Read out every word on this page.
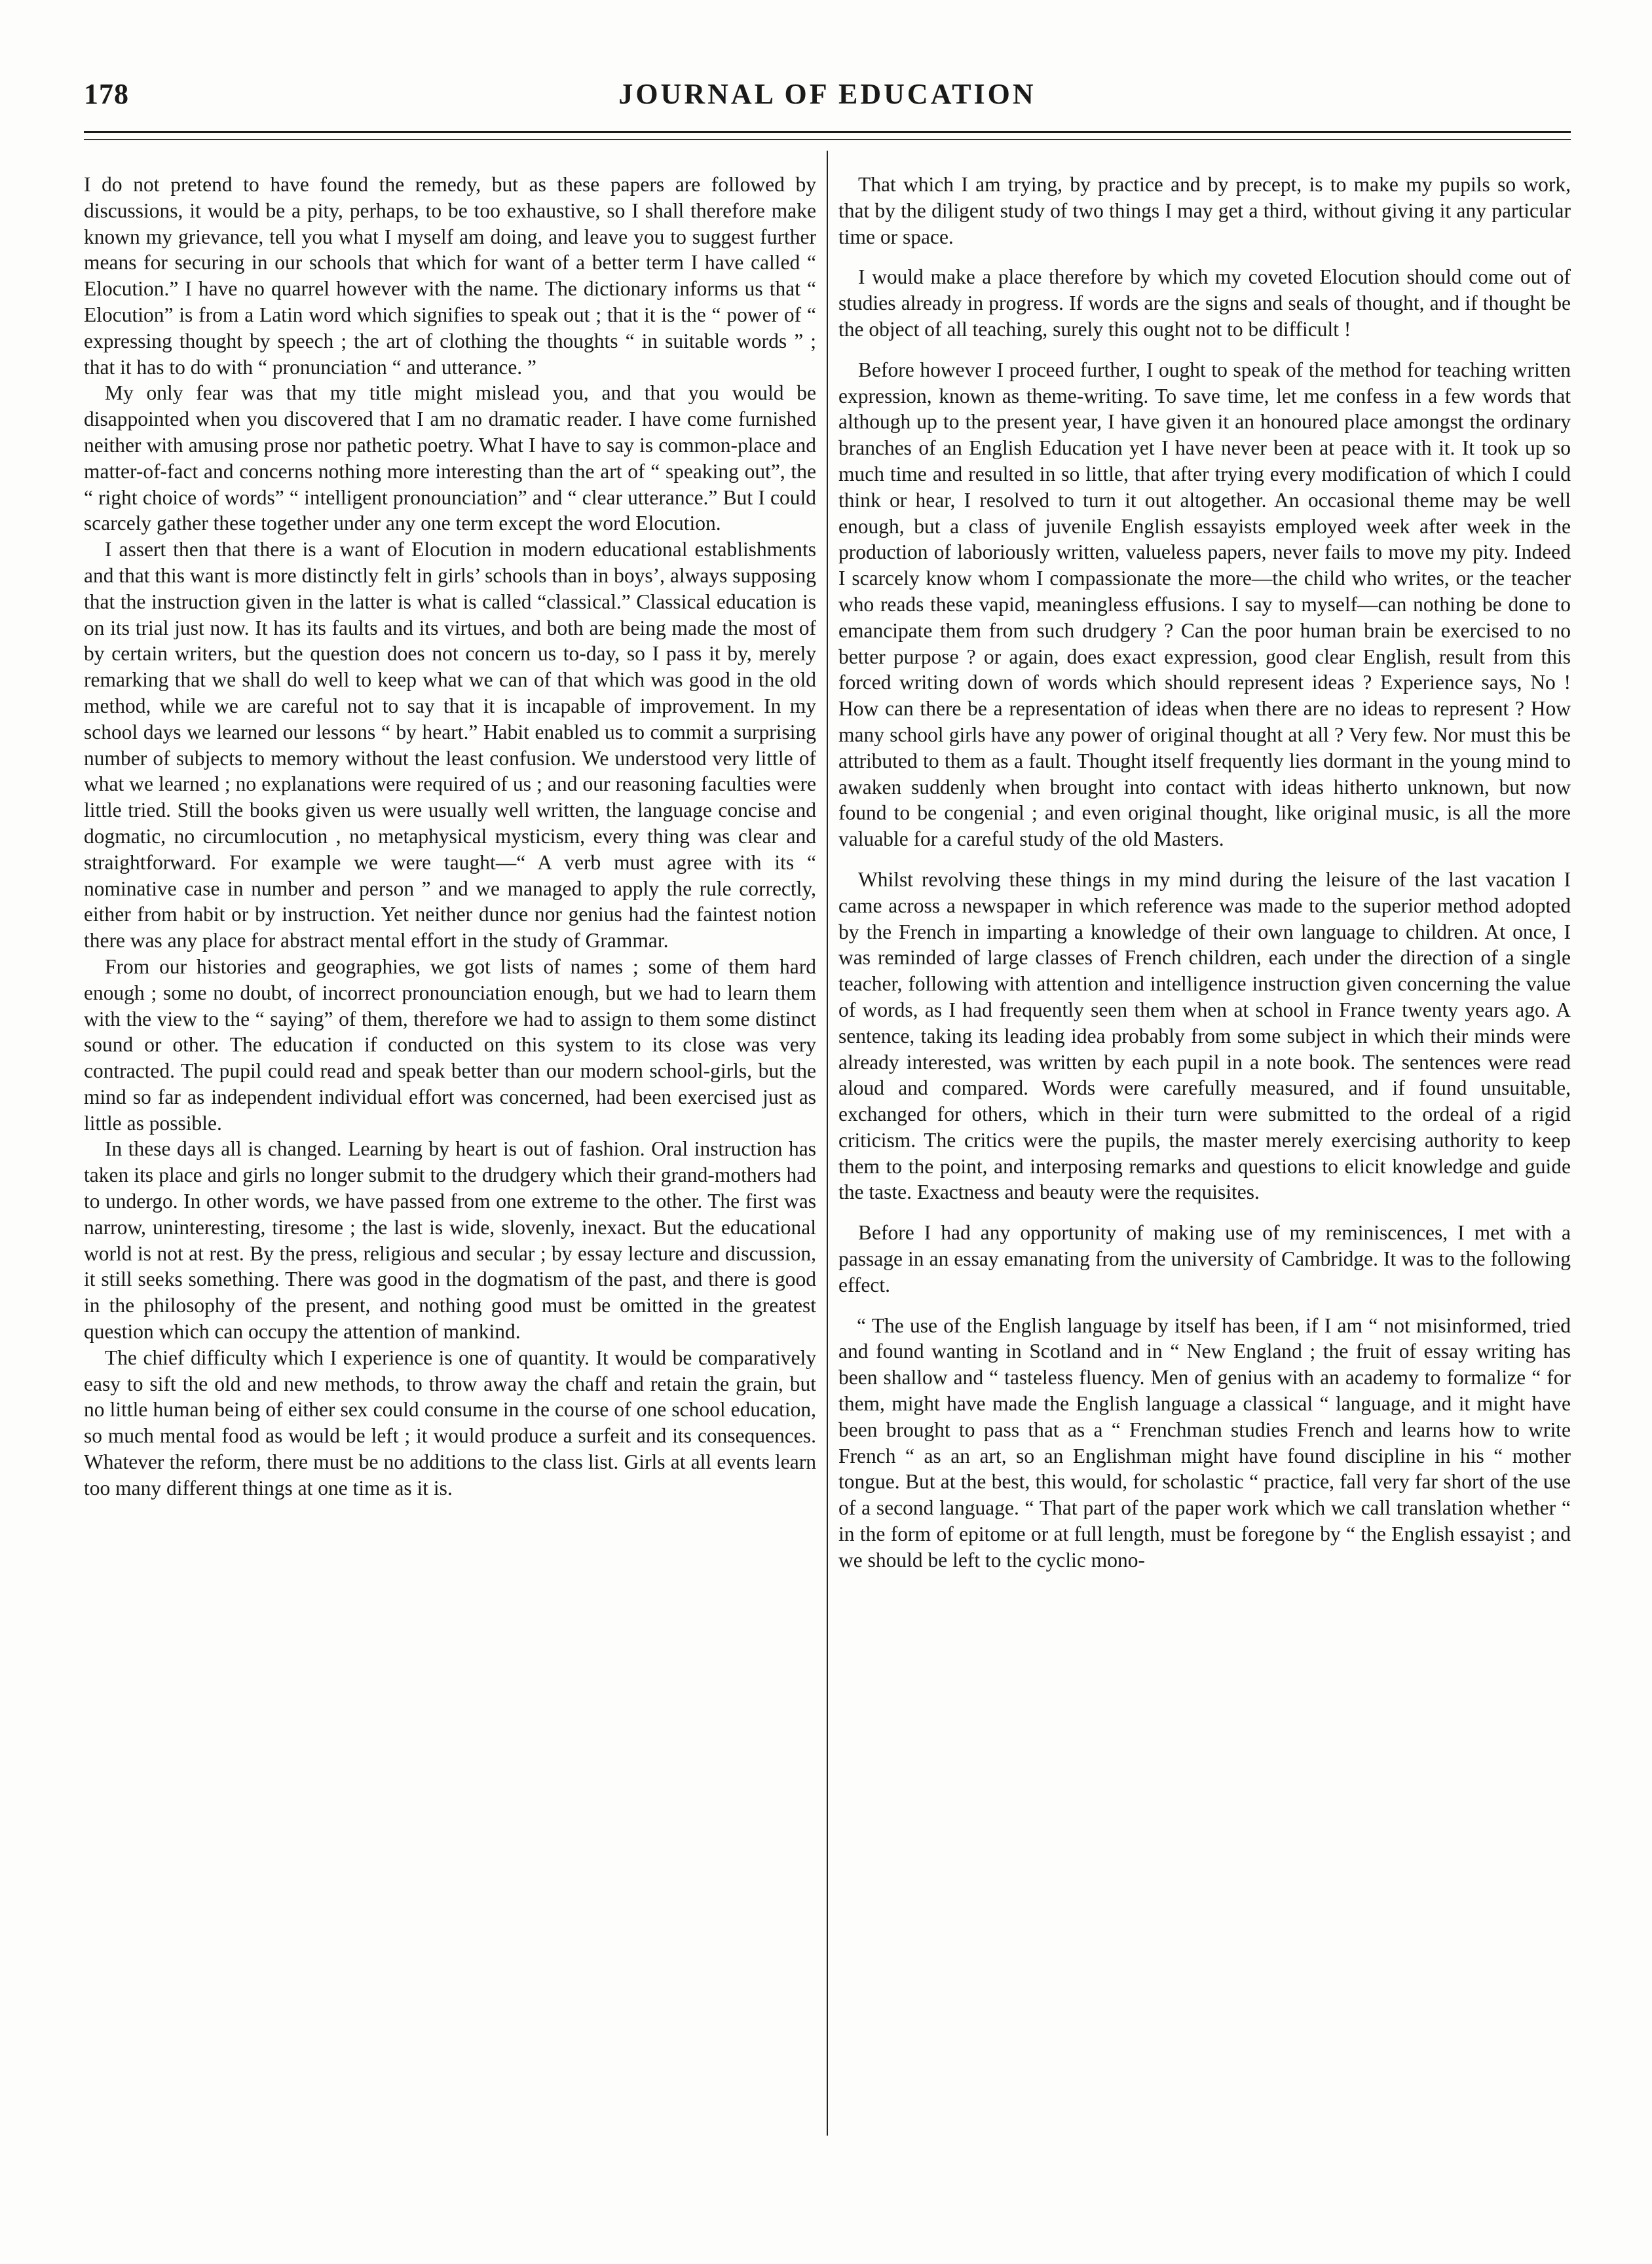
178	JOURNAL OF EDUCATION

I do not pretend to have found the remedy, but as these papers are followed by discussions, it would be a pity, perhaps, to be too exhaustive, so I shall therefore make known my grievance, tell you what I myself am doing, and leave you to suggest further means for securing in our schools that which for want of a better term I have called “ Elocution.” I have no quarrel however with the name. The dictionary informs us that “ Elocution” is from a Latin word which signifies to speak out ; that it is the “ power of “ expressing thought by speech ; the art of clothing the thoughts “ in suitable words ” ; that it has to do with “ pronunciation “ and utterance. ”

My only fear was that my title might mislead you, and that you would be disappointed when you discovered that I am no dramatic reader. I have come furnished neither with amusing prose nor pathetic poetry. What I have to say is common-place and matter-of-fact and concerns nothing more interesting than the art of “ speaking out”, the “ right choice of words” “ intelligent pronounciation” and “ clear utterance.” But I could scarcely gather these together under any one term except the word Elocution.

I assert then that there is a want of Elocution in modern educational establishments and that this want is more distinctly felt in girls’ schools than in boys’, always supposing that the instruction given in the latter is what is called “classical.” Classical education is on its trial just now. It has its faults and its virtues, and both are being made the most of by certain writers, but the question does not concern us to-day, so I pass it by, merely remarking that we shall do well to keep what we can of that which was good in the old method, while we are careful not to say that it is incapable of improvement. In my school days we learned our lessons “ by heart.” Habit enabled us to commit a surprising number of subjects to memory without the least confusion. We understood very little of what we learned ; no explanations were required of us ; and our reasoning faculties were little tried. Still the books given us were usually well written, the language concise and dogmatic, no circumlocution , no metaphysical mysticism, every thing was clear and straightforward. For example we were taught—“ A verb must agree with its “ nominative case in number and person ” and we managed to apply the rule correctly, either from habit or by instruction. Yet neither dunce nor genius had the faintest notion there was any place for abstract mental effort in the study of Grammar.

From our histories and geographies, we got lists of names ; some of them hard enough ; some no doubt, of incorrect pronounciation enough, but we had to learn them with the view to the “ saying” of them, therefore we had to assign to them some distinct sound or other. The education if conducted on this system to its close was very contracted. The pupil could read and speak better than our modern school-girls, but the mind so far as independent individual effort was concerned, had been exercised just as little as possible.

In these days all is changed. Learning by heart is out of fashion. Oral instruction has taken its place and girls no longer submit to the drudgery which their grand-mothers had to undergo. In other words, we have passed from one extreme to the other. The first was narrow, uninteresting, tiresome ; the last is wide, slovenly, inexact. But the educational world is not at rest. By the press, religious and secular ; by essay lecture and discussion, it still seeks something. There was good in the dogmatism of the past, and there is good in the philosophy of the present, and nothing good must be omitted in the greatest question which can occupy the attention of mankind.

The chief difficulty which I experience is one of quantity. It would be comparatively easy to sift the old and new methods, to throw away the chaff and retain the grain, but no little human being of either sex could consume in the course of one school education, so much mental food as would be left ; it would produce a surfeit and its consequences. Whatever the reform, there must be no additions to the class list. Girls at all events learn too many different things at one time as it is.

That which I am trying, by practice and by precept, is to make my pupils so work, that by the diligent study of two things I may get a third, without giving it any particular time or space.

I would make a place therefore by which my coveted Elocution should come out of studies already in progress. If words are the signs and seals of thought, and if thought be the object of all teaching, surely this ought not to be difficult !

Before however I proceed further, I ought to speak of the method for teaching written expression, known as theme-writing. To save time, let me confess in a few words that although up to the present year, I have given it an honoured place amongst the ordinary branches of an English Education yet I have never been at peace with it. It took up so much time and resulted in so little, that after trying every modification of which I could think or hear, I resolved to turn it out altogether. An occasional theme may be well enough, but a class of juvenile English essayists employed week after week in the production of laboriously written, valueless papers, never fails to move my pity. Indeed I scarcely know whom I compassionate the more—the child who writes, or the teacher who reads these vapid, meaningless effusions. I say to myself—can nothing be done to emancipate them from such drudgery ? Can the poor human brain be exercised to no better purpose ? or again, does exact expression, good clear English, result from this forced writing down of words which should represent ideas ? Experience says, No ! How can there be a representation of ideas when there are no ideas to represent ? How many school girls have any power of original thought at all ? Very few. Nor must this be attributed to them as a fault. Thought itself frequently lies dormant in the young mind to awaken suddenly when brought into contact with ideas hitherto unknown, but now found to be congenial ; and even original thought, like original music, is all the more valuable for a careful study of the old Masters.

Whilst revolving these things in my mind during the leisure of the last vacation I came across a newspaper in which reference was made to the superior method adopted by the French in imparting a knowledge of their own language to children. At once, I was reminded of large classes of French children, each under the direction of a single teacher, following with attention and intelligence instruction given concerning the value of words, as I had frequently seen them when at school in France twenty years ago. A sentence, taking its leading idea probably from some subject in which their minds were already interested, was written by each pupil in a note book. The sentences were read aloud and compared. Words were carefully measured, and if found unsuitable, exchanged for others, which in their turn were submitted to the ordeal of a rigid criticism. The critics were the pupils, the master merely exercising authority to keep them to the point, and interposing remarks and questions to elicit knowledge and guide the taste. Exactness and beauty were the requisites.

Before I had any opportunity of making use of my reminiscences, I met with a passage in an essay emanating from the university of Cambridge. It was to the following effect.

“ The use of the English language by itself has been, if I am “ not misinformed, tried and found wanting in Scotland and in “ New England ; the fruit of essay writing has been shallow and “ tasteless fluency. Men of genius with an academy to formalize “ for them, might have made the English language a classical “ language, and it might have been brought to pass that as a “ Frenchman studies French and learns how to write French “ as an art, so an Englishman might have found discipline in his “ mother tongue. But at the best, this would, for scholastic “ practice, fall very far short of the use of a second language. “ That part of the paper work which we call translation whether “ in the form of epitome or at full length, must be foregone by “ the English essayist ; and we should be left to the cyclic mono-
